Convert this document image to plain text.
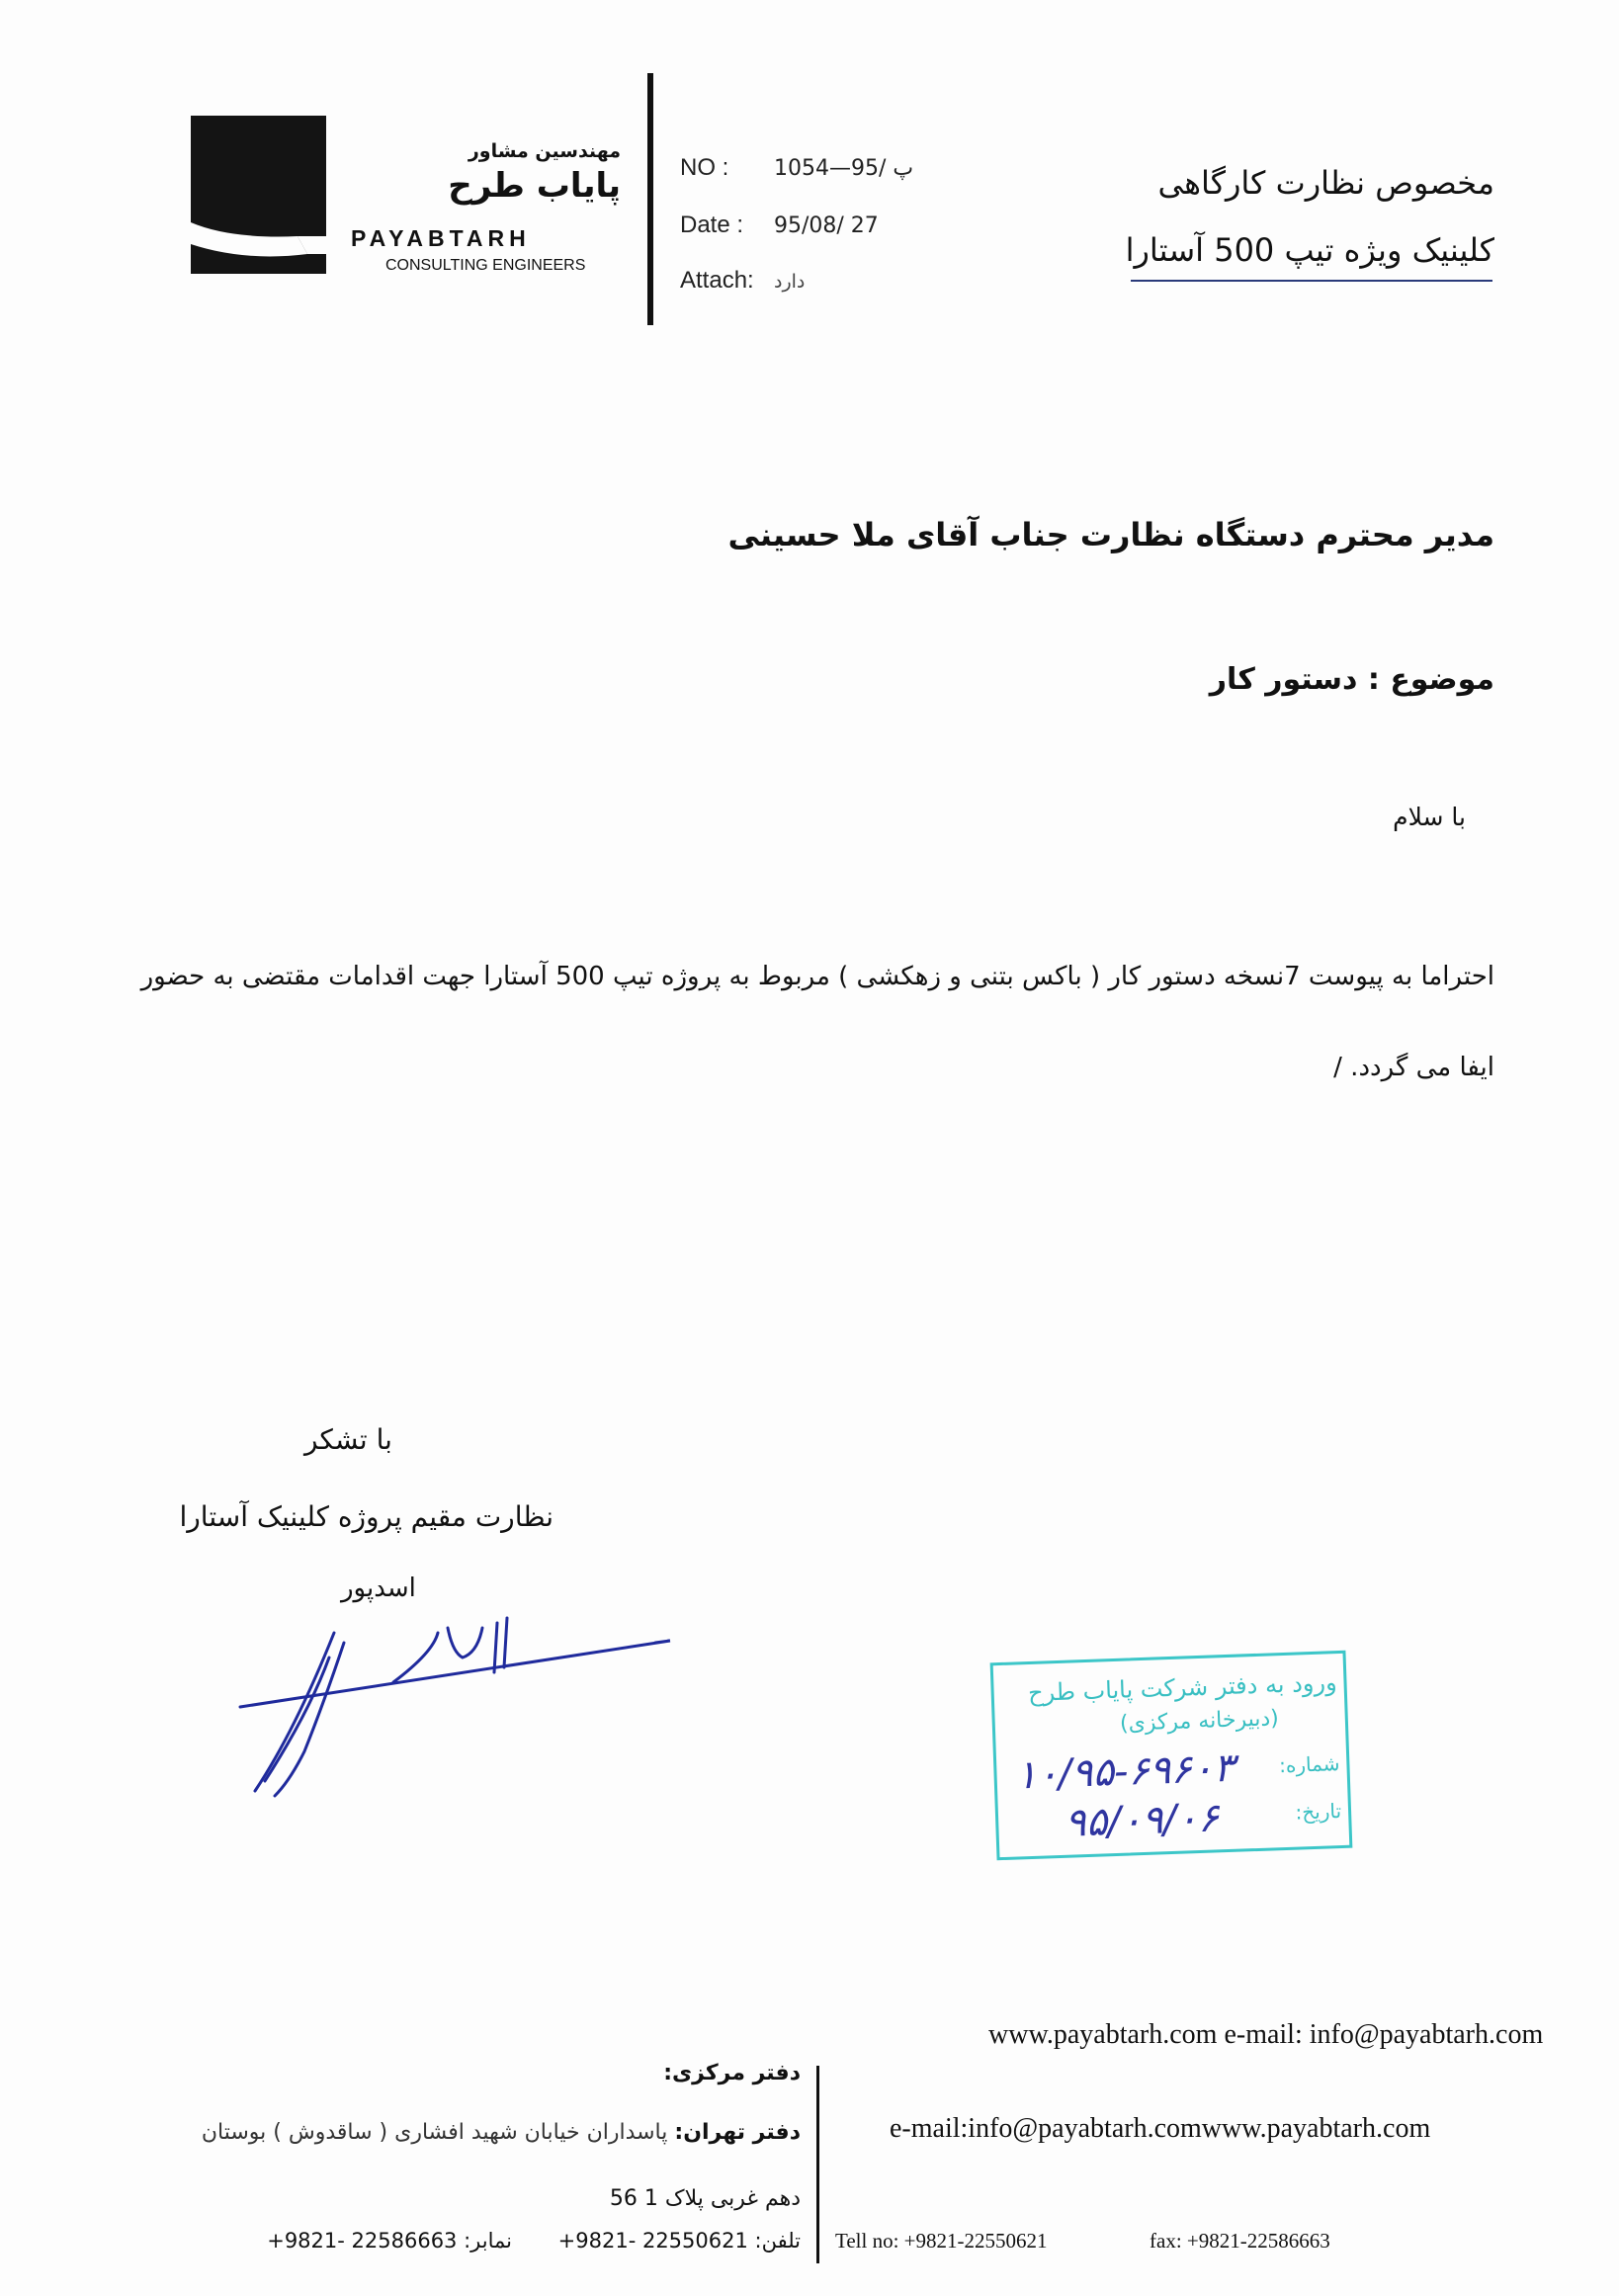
مهندسین مشاور
پایاب طرح
PAYABTARH
CONSULTING ENGINEERS
NO : پ /95—1054
Date : 95/08/ 27
Attach: دارد
مخصوص نظارت کارگاهی
کلینیک ویژه تیپ 500 آستارا
مدیر محترم دستگاه نظارت جناب آقای ملا حسینی
موضوع : دستور کار
با سلام
احتراما به پیوست 7نسخه دستور کار ( باکس بتنی و زهکشی ) مربوط به پروژه تیپ 500 آستارا جهت اقدامات مقتضی به حضور ایفا می گردد. /
با تشکر
نظارت مقیم پروژه کلینیک آستارا
اسدپور
ورود به دفتر شرکت پایاب طرح
(دبیرخانه مرکزی)
شماره:
۱۰/۹۵-۶۹۶۰۳
تاریخ:
۹۵/۰۹/۰۶
www.payabtarh.com e-mail: info@payabtarh.com
دفتر مرکزی:
دفتر تهران: پاسداران خیابان شهید افشاری ( ساقدوش ) بوستان
دهم غربی پلاک 1 56
تلفن: 22550621 -9821+
نمابر: 22586663 -9821+
e-mail:info@payabtarh.comwww.payabtarh.com
Tell no: +9821-22550621	fax: +9821-22586663
